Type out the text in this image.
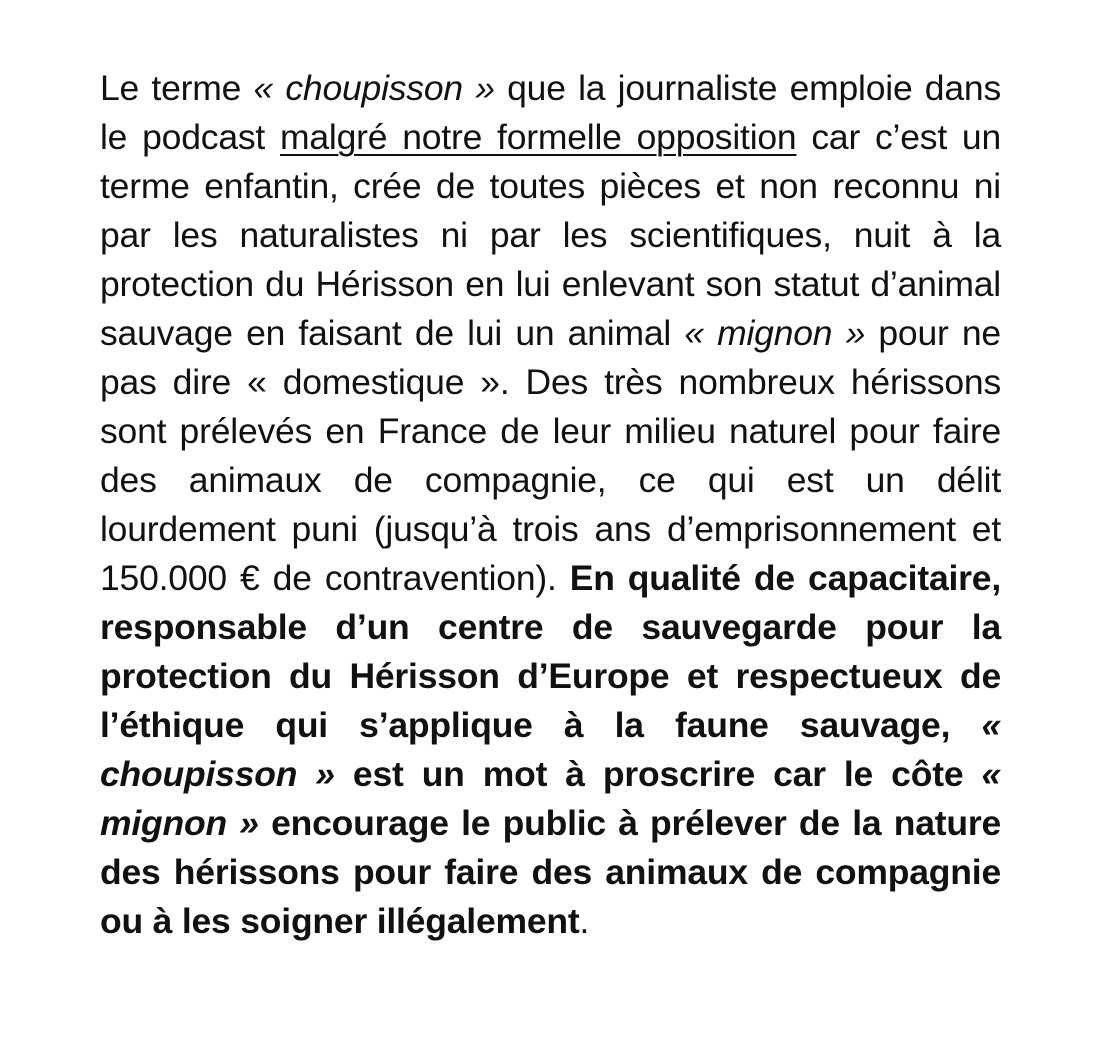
Le terme « choupisson » que la journaliste emploie dans le podcast malgré notre formelle opposition car c’est un terme enfantin, crée de toutes pièces et non reconnu ni par les naturalistes ni par les scientifiques, nuit à la protection du Hérisson en lui enlevant son statut d’animal sauvage en faisant de lui un animal « mignon » pour ne pas dire « domestique ». Des très nombreux hérissons sont prélevés en France de leur milieu naturel pour faire des animaux de compagnie, ce qui est un délit lourdement puni (jusqu’à trois ans d’emprisonnement et 150.000 € de contravention). En qualité de capacitaire, responsable d’un centre de sauvegarde pour la protection du Hérisson d’Europe et respectueux de l’éthique qui s’applique à la faune sauvage, « choupisson » est un mot à proscrire car le côte « mignon » encourage le public à prélever de la nature des hérissons pour faire des animaux de compagnie ou à les soigner illégalement.
